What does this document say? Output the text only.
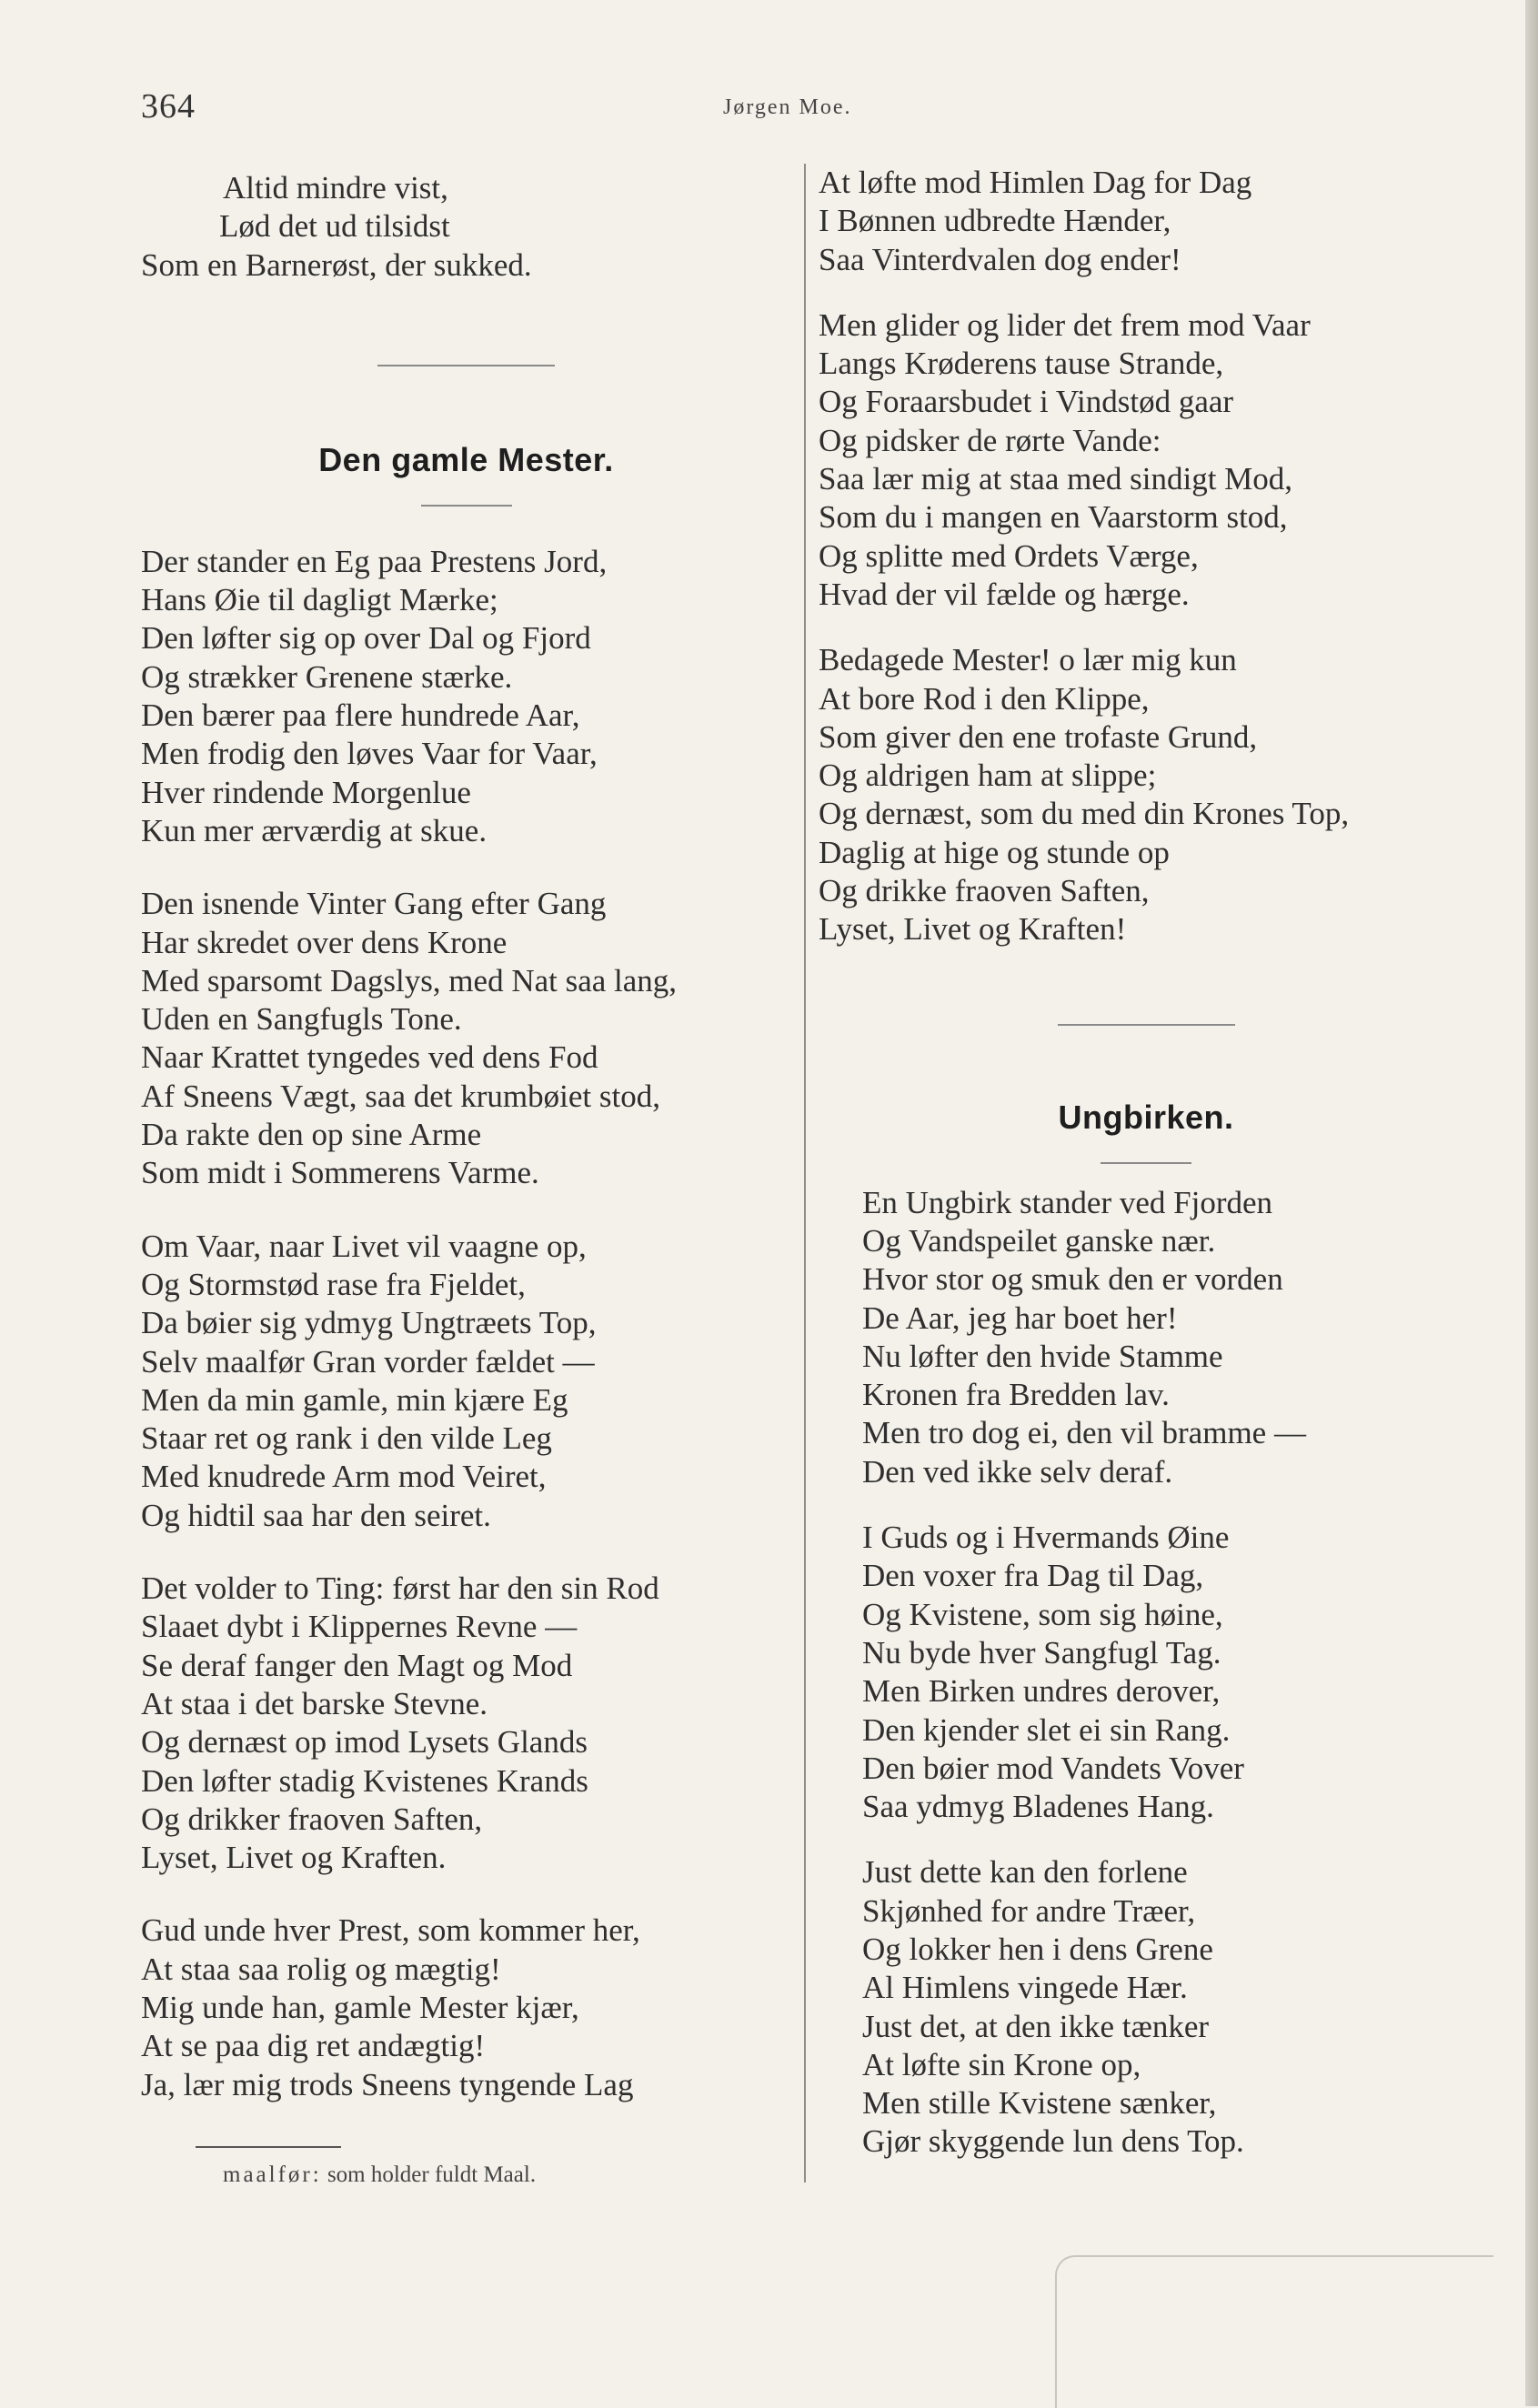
364	Jørgen Moe.
Altid mindre vist,
Lød det ud tilsidst
Som en Barnerøst, der sukked.
Den gamle Mester.
Der stander en Eg paa Prestens Jord,
Hans Øie til dagligt Mærke;
Den løfter sig op over Dal og Fjord
Og strækker Grenene stærke.
Den bærer paa flere hundrede Aar,
Men frodig den løves Vaar for Vaar,
Hver rindende Morgenlue
Kun mer ærværdig at skue.
Den isnende Vinter Gang efter Gang
Har skredet over dens Krone
Med sparsomt Dagslys, med Nat saa lang,
Uden en Sangfugls Tone.
Naar Krattet tyngedes ved dens Fod
Af Sneens Vægt, saa det krumbøiet stod,
Da rakte den op sine Arme
Som midt i Sommerens Varme.
Om Vaar, naar Livet vil vaagne op,
Og Stormstød rase fra Fjeldet,
Da bøier sig ydmyg Ungtræets Top,
Selv maalfør Gran vorder fældet —
Men da min gamle, min kjære Eg
Staar ret og rank i den vilde Leg
Med knudrede Arm mod Veiret,
Og hidtil saa har den seiret.
Det volder to Ting: først har den sin Rod
Slaaet dybt i Klippernes Revne —
Se deraf fanger den Magt og Mod
At staa i det barske Stevne.
Og dernæst op imod Lysets Glands
Den løfter stadig Kvistenes Krands
Og drikker fraoven Saften,
Lyset, Livet og Kraften.
Gud unde hver Prest, som kommer her,
At staa saa rolig og mægtig!
Mig unde han, gamle Mester kjær,
At se paa dig ret andægtig!
Ja, lær mig trods Sneens tyngende Lag
maalfør: som holder fuldt Maal.
At løfte mod Himlen Dag for Dag
I Bønnen udbredte Hænder,
Saa Vinterdvalen dog ender!
Men glider og lider det frem mod Vaar
Langs Krøderens tause Strande,
Og Foraarsbudet i Vindstød gaar
Og pidsker de rørte Vande:
Saa lær mig at staa med sindigt Mod,
Som du i mangen en Vaarstorm stod,
Og splitte med Ordets Værge,
Hvad der vil fælde og hærge.
Bedagede Mester! o lær mig kun
At bore Rod i den Klippe,
Som giver den ene trofaste Grund,
Og aldrigen ham at slippe;
Og dernæst, som du med din Krones Top,
Daglig at hige og stunde op
Og drikke fraoven Saften,
Lyset, Livet og Kraften!
Ungbirken.
En Ungbirk stander ved Fjorden
Og Vandspeilet ganske nær.
Hvor stor og smuk den er vorden
De Aar, jeg har boet her!
Nu løfter den hvide Stamme
Kronen fra Bredden lav.
Men tro dog ei, den vil bramme —
Den ved ikke selv deraf.
I Guds og i Hvermands Øine
Den voxer fra Dag til Dag,
Og Kvistene, som sig høine,
Nu byde hver Sangfugl Tag.
Men Birken undres derover,
Den kjender slet ei sin Rang.
Den bøier mod Vandets Vover
Saa ydmyg Bladenes Hang.
Just dette kan den forlene
Skjønhed for andre Træer,
Og lokker hen i dens Grene
Al Himlens vingede Hær.
Just det, at den ikke tænker
At løfte sin Krone op,
Men stille Kvistene sænker,
Gjør skyggende lun dens Top.
